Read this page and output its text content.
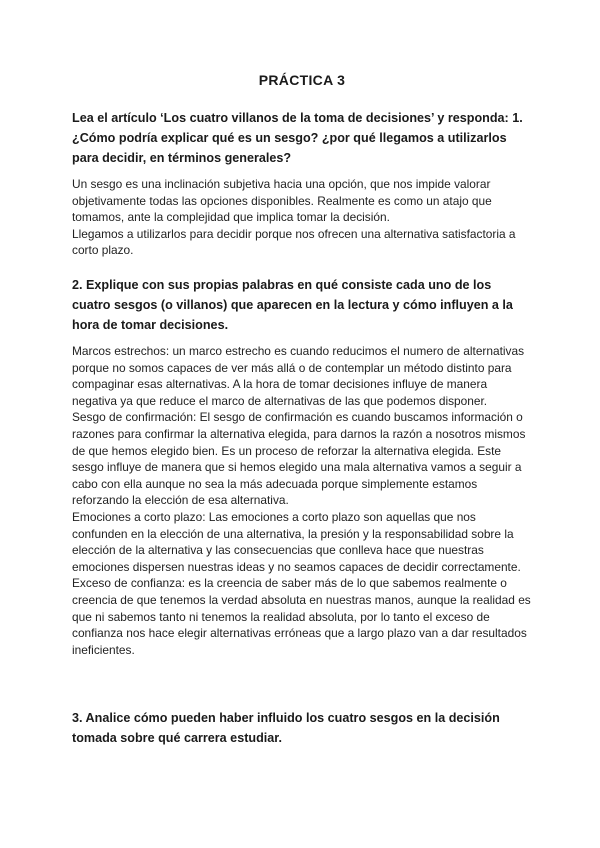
PRÁCTICA 3

Lea el artículo ‘Los cuatro villanos de la toma de decisiones’ y responda: 1. ¿Cómo podría explicar qué es un sesgo? ¿por qué llegamos a utilizarlos para decidir, en términos generales?

Un sesgo es una inclinación subjetiva hacia una opción, que nos impide valorar objetivamente todas las opciones disponibles. Realmente es como un atajo que tomamos, ante la complejidad que implica tomar la decisión.

Llegamos a utilizarlos para decidir porque nos ofrecen una alternativa satisfactoria a corto plazo.

2. Explique con sus propias palabras en qué consiste cada uno de los cuatro sesgos (o villanos) que aparecen en la lectura y cómo influyen a la hora de tomar decisiones.

Marcos estrechos: un marco estrecho es cuando reducimos el numero de alternativas porque no somos capaces de ver más allá o de contemplar un método distinto para compaginar esas alternativas. A la hora de tomar decisiones influye de manera negativa ya que reduce el marco de alternativas de las que podemos disponer.

Sesgo de confirmación: El sesgo de confirmación es cuando buscamos información o razones para confirmar la alternativa elegida, para darnos la razón a nosotros mismos de que hemos elegido bien. Es un proceso de reforzar la alternativa elegida. Este sesgo influye de manera que si hemos elegido una mala alternativa vamos a seguir a cabo con ella aunque no sea la más adecuada porque simplemente estamos reforzando la elección de esa alternativa.

Emociones a corto plazo: Las emociones a corto plazo son aquellas que nos confunden en la elección de una alternativa, la presión y la responsabilidad sobre la elección de la alternativa y las consecuencias que conlleva hace que nuestras emociones dispersen nuestras ideas y no seamos capaces de decidir correctamente.

Exceso de confianza: es la creencia de saber más de lo que sabemos realmente o creencia de que tenemos la verdad absoluta en nuestras manos, aunque la realidad es que ni sabemos tanto ni tenemos la realidad absoluta, por lo tanto el exceso de confianza nos hace elegir alternativas erróneas que a largo plazo van a dar resultados ineficientes.

3. Analice cómo pueden haber influido los cuatro sesgos en la decisión tomada sobre qué carrera estudiar.
